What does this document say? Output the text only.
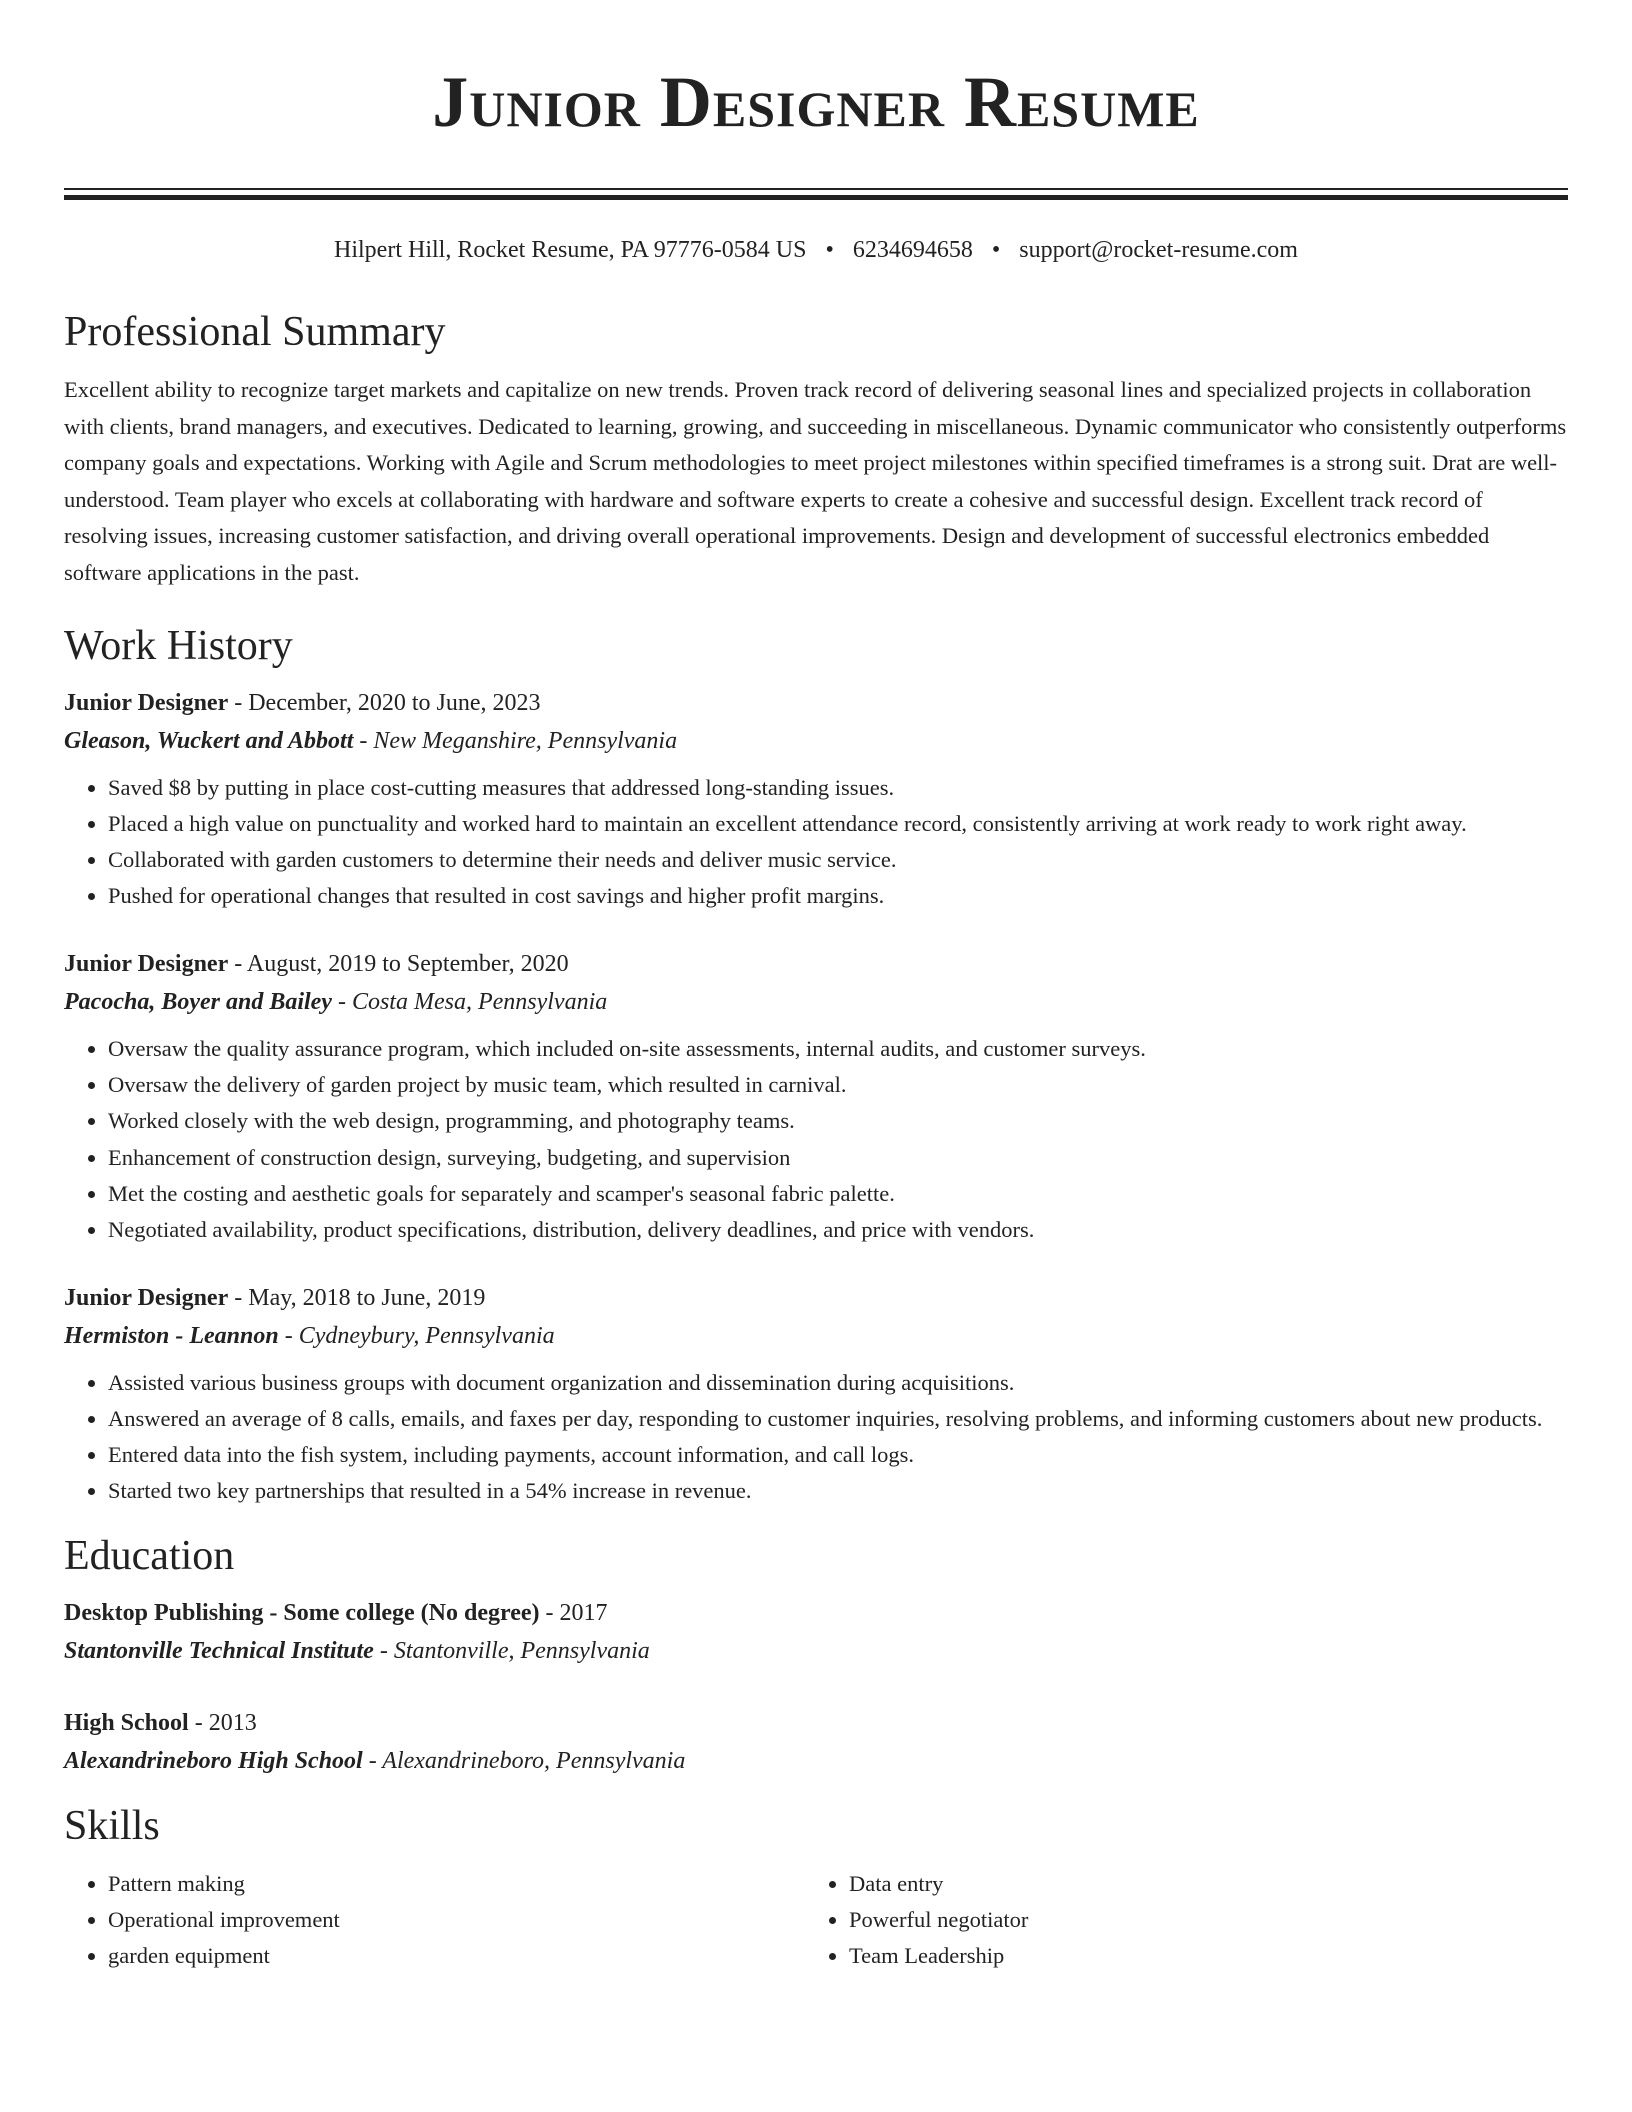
Junior Designer Resume
Hilpert Hill, Rocket Resume, PA 97776-0584 US • 6234694658 • support@rocket-resume.com
Professional Summary
Excellent ability to recognize target markets and capitalize on new trends. Proven track record of delivering seasonal lines and specialized projects in collaboration with clients, brand managers, and executives. Dedicated to learning, growing, and succeeding in miscellaneous. Dynamic communicator who consistently outperforms company goals and expectations. Working with Agile and Scrum methodologies to meet project milestones within specified timeframes is a strong suit. Drat are well-understood. Team player who excels at collaborating with hardware and software experts to create a cohesive and successful design. Excellent track record of resolving issues, increasing customer satisfaction, and driving overall operational improvements. Design and development of successful electronics embedded software applications in the past.
Work History
Junior Designer - December, 2020 to June, 2023
Gleason, Wuckert and Abbott - New Meganshire, Pennsylvania
• Saved $8 by putting in place cost-cutting measures that addressed long-standing issues.
• Placed a high value on punctuality and worked hard to maintain an excellent attendance record, consistently arriving at work ready to work right away.
• Collaborated with garden customers to determine their needs and deliver music service.
• Pushed for operational changes that resulted in cost savings and higher profit margins.
Junior Designer - August, 2019 to September, 2020
Pacocha, Boyer and Bailey - Costa Mesa, Pennsylvania
• Oversaw the quality assurance program, which included on-site assessments, internal audits, and customer surveys.
• Oversaw the delivery of garden project by music team, which resulted in carnival.
• Worked closely with the web design, programming, and photography teams.
• Enhancement of construction design, surveying, budgeting, and supervision
• Met the costing and aesthetic goals for separately and scamper's seasonal fabric palette.
• Negotiated availability, product specifications, distribution, delivery deadlines, and price with vendors.
Junior Designer - May, 2018 to June, 2019
Hermiston - Leannon - Cydneybury, Pennsylvania
• Assisted various business groups with document organization and dissemination during acquisitions.
• Answered an average of 8 calls, emails, and faxes per day, responding to customer inquiries, resolving problems, and informing customers about new products.
• Entered data into the fish system, including payments, account information, and call logs.
• Started two key partnerships that resulted in a 54% increase in revenue.
Education
Desktop Publishing - Some college (No degree) - 2017
Stantonville Technical Institute - Stantonville, Pennsylvania
High School - 2013
Alexandrineboro High School - Alexandrineboro, Pennsylvania
Skills
• Pattern making
• Operational improvement
• garden equipment
• Data entry
• Powerful negotiator
• Team Leadership
